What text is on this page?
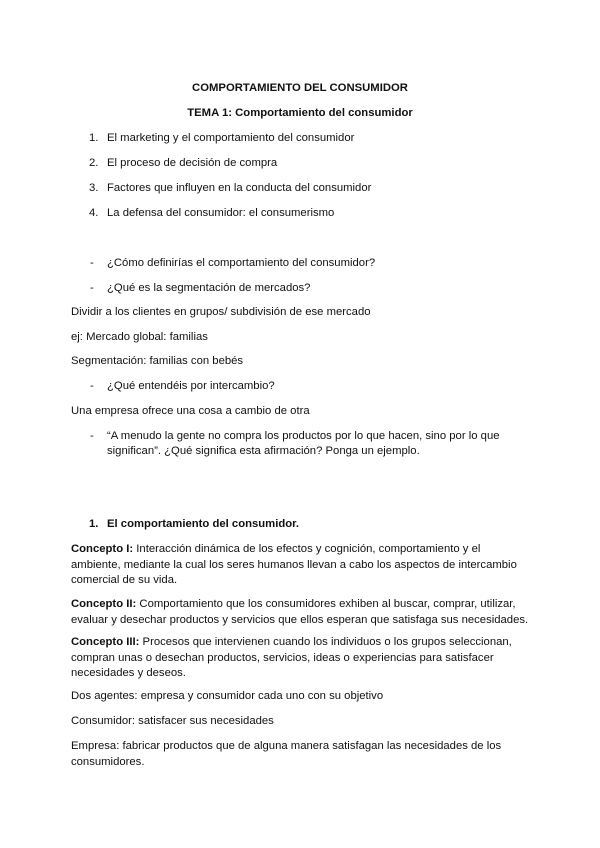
COMPORTAMIENTO DEL CONSUMIDOR
TEMA 1: Comportamiento del consumidor
1. El marketing y el comportamiento del consumidor
2. El proceso de decisión de compra
3. Factores que influyen en la conducta del consumidor
4. La defensa del consumidor: el consumerismo
- ¿Cómo definirías el comportamiento del consumidor?
- ¿Qué es la segmentación de mercados?
Dividir a los clientes en grupos/ subdivisión de ese mercado
ej: Mercado global: familias
Segmentación: familias con bebés
- ¿Qué entendéis por intercambio?
Una empresa ofrece una cosa a cambio de otra
- “A menudo la gente no compra los productos por lo que hacen, sino por lo que
significan”. ¿Qué significa esta afirmación? Ponga un ejemplo.
1. El comportamiento del consumidor.
Concepto I: Interacción dinámica de los efectos y cognición, comportamiento y el ambiente, mediante la cual los seres humanos llevan a cabo los aspectos de intercambio comercial de su vida.
Concepto II: Comportamiento que los consumidores exhiben al buscar, comprar, utilizar, evaluar y desechar productos y servicios que ellos esperan que satisfaga sus necesidades.
Concepto III: Procesos que intervienen cuando los individuos o los grupos seleccionan, compran unas o desechan productos, servicios, ideas o experiencias para satisfacer necesidades y deseos.
Dos agentes: empresa y consumidor cada uno con su objetivo
Consumidor: satisfacer sus necesidades
Empresa: fabricar productos que de alguna manera satisfagan las necesidades de los consumidores.
